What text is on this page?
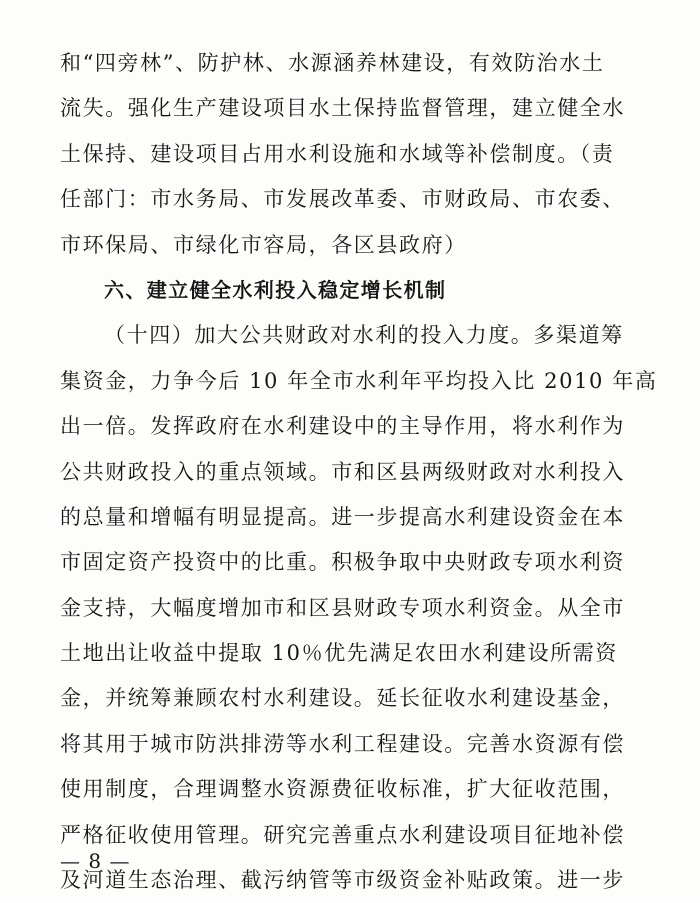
和“四旁林”、防护林、水源涵养林建设，有效防治水土
流失。强化生产建设项目水土保持监督管理，建立健全水
土保持、建设项目占用水利设施和水域等补偿制度。（责
任部门：市水务局、市发展改革委、市财政局、市农委、
市环保局、市绿化市容局，各区县政府）
六、建立健全水利投入稳定增长机制
（十四）加大公共财政对水利的投入力度。多渠道筹
集资金，力争今后 10 年全市水利年平均投入比 2010 年高
出一倍。发挥政府在水利建设中的主导作用，将水利作为
公共财政投入的重点领域。市和区县两级财政对水利投入
的总量和增幅有明显提高。进一步提高水利建设资金在本
市固定资产投资中的比重。积极争取中央财政专项水利资
金支持，大幅度增加市和区县财政专项水利资金。从全市
土地出让收益中提取 10％优先满足农田水利建设所需资
金，并统筹兼顾农村水利建设。延长征收水利建设基金，
将其用于城市防洪排涝等水利工程建设。完善水资源有偿
使用制度，合理调整水资源费征收标准，扩大征收范围，
严格征收使用管理。研究完善重点水利建设项目征地补偿
及河道生态治理、截污纳管等市级资金补贴政策。进一步
— 8 —
